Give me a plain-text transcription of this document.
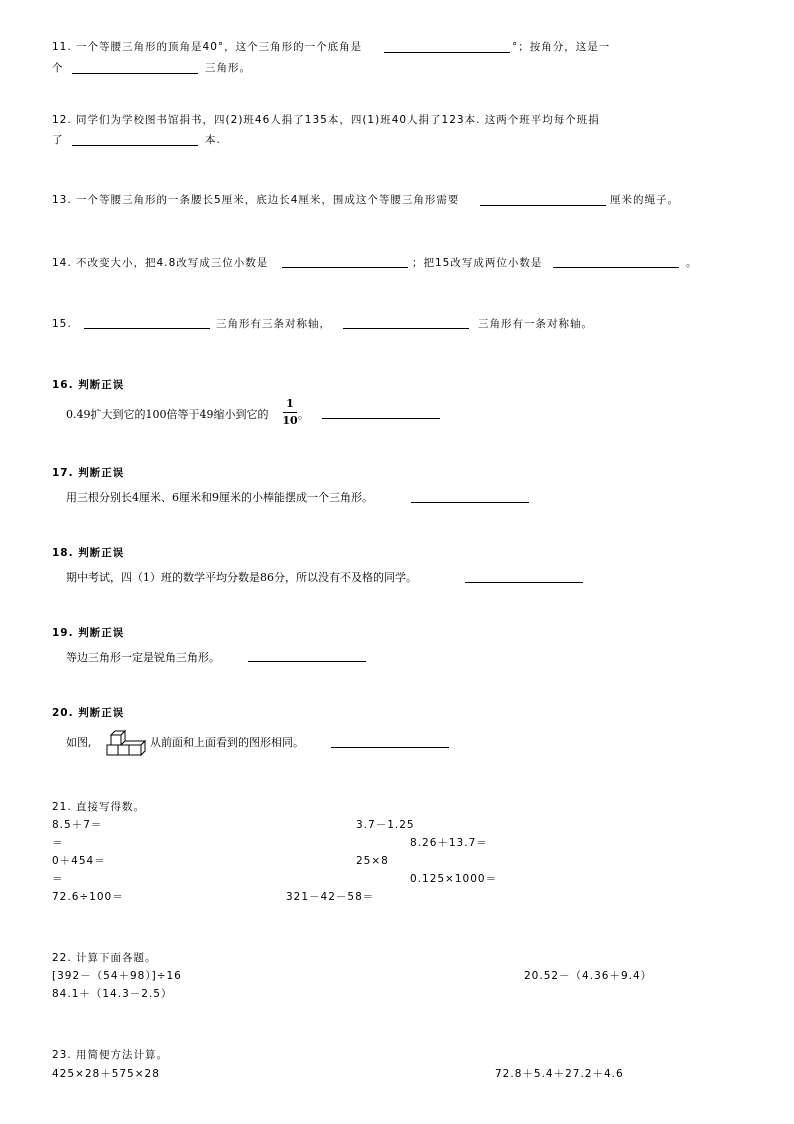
11. 一个等腰三角形的顶角是40°，这个三角形的一个底角是	°；按角分，这是一
个	三角形。
12. 同学们为学校图书馆捐书，四(2)班46人捐了135本，四(1)班40人捐了123本. 这两个班平均每个班捐
了	本.
13. 一个等腰三角形的一条腰长5厘米，底边长4厘米，围成这个等腰三角形需要	厘米的绳子。
14. 不改变大小，把4.8改写成三位小数是	；把15改写成两位小数是	。
15.	三角形有三条对称轴，	三角形有一条对称轴。
16. 判断正误
0.49扩大到它的100倍等于49缩小到它的
1
10 。
17. 判断正误
用三根分别长4厘米、6厘米和9厘米的小棒能摆成一个三角形。
18. 判断正误
期中考试，四（1）班的数学平均分数是86分，所以没有不及格的同学。
19. 判断正误
等边三角形一定是锐角三角形。
20. 判断正误
如图,	从前面和上面看到的图形相同。
21. 直接写得数。
8.5＋7＝	3.7－1.25
＝	8.26＋13.7＝
0＋454＝	25×8
＝	0.125×1000＝
72.6÷100＝	321－42－58＝
22. 计算下面各题。
[392－（54＋98）]÷16	20.52－（4.36＋9.4）
84.1＋（14.3－2.5）
23. 用简便方法计算。
425×28＋575×28	72.8＋5.4＋27.2＋4.6
